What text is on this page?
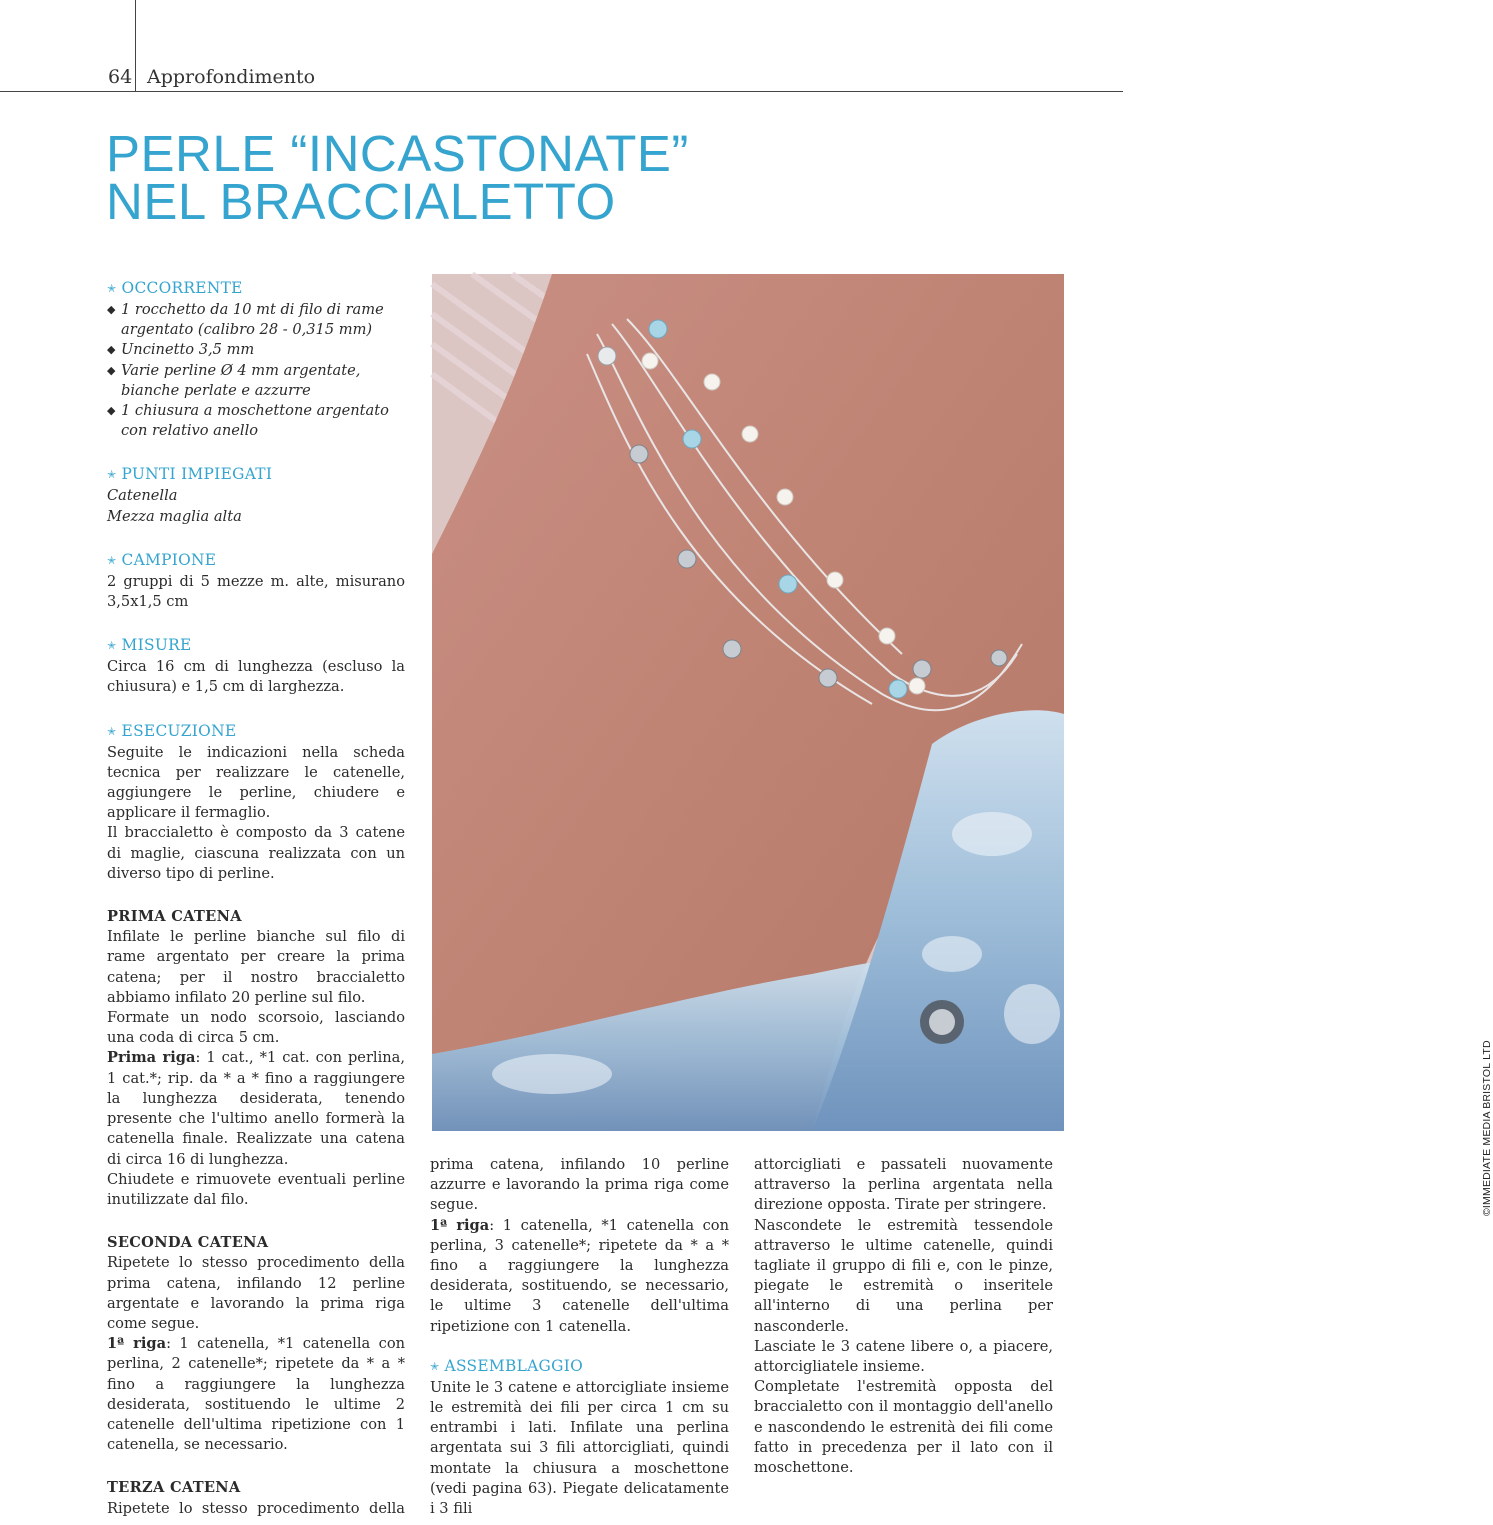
64 Approfondimento
PERLE “INCASTONATE”
NEL BRACCIALETTO

✭ OCCORRENTE

◆ 1 rocchetto da 10 mt di filo di rame argentato (calibro 28 - 0,315 mm)
◆ Uncinetto 3,5 mm
◆ Varie perline Ø 4 mm argentate, bianche perlate e azzurre
◆ 1 chiusura a moschettone argentato con relativo anello

✭ PUNTI IMPIEGATI

Catenella

Mezza maglia alta

✭ CAMPIONE

2 gruppi di 5 mezze m. alte, misurano 3,5x1,5 cm

✭ MISURE

Circa 16 cm di lunghezza (escluso la chiusura) e 1,5 cm di larghezza.

✭ ESECUZIONE

Seguite le indicazioni nella scheda tecnica per realizzare le catenelle, aggiungere le perline, chiudere e applicare il fermaglio.

Il braccialetto è composto da 3 catene di maglie, ciascuna realizzata con un diverso tipo di perline.

PRIMA CATENA

Infilate le perline bianche sul filo di rame argentato per creare la prima catena; per il nostro braccialetto abbiamo infilato 20 perline sul filo.

Formate un nodo scorsoio, lasciando una coda di circa 5 cm.

Prima riga: 1 cat., *1 cat. con perlina, 1 cat.*; rip. da * a * fino a raggiungere la lunghezza desiderata, tenendo presente che l'ultimo anello formerà la catenella finale. Realizzate una catena di circa 16 di lunghezza.

Chiudete e rimuovete eventuali perline inutilizzate dal filo.

SECONDA CATENA

Ripetete lo stesso procedimento della prima catena, infilando 12 perline argentate e lavorando la prima riga come segue.

1ª riga: 1 catenella, *1 catenella con perlina, 2 catenelle*; ripetete da * a * fino a raggiungere la lunghezza desiderata, sostituendo le ultime 2 catenelle dell'ultima ripetizione con 1 catenella, se necessario.

TERZA CATENA

Ripetete lo stesso procedimento della

©IMMEDIATE MEDIA BRISTOL LTD

prima catena, infilando 10 perline azzurre e lavorando la prima riga come segue.

1ª riga: 1 catenella, *1 catenella con perlina, 3 catenelle*; ripetete da * a * fino a raggiungere la lunghezza desiderata, sostituendo, se necessario, le ultime 3 catenelle dell'ultima ripetizione con 1 catenella.

✭ ASSEMBLAGGIO

Unite le 3 catene e attorcigliate insieme le estremità dei fili per circa 1 cm su entrambi i lati. Infilate una perlina argentata sui 3 fili attorcigliati, quindi montate la chiusura a moschettone (vedi pagina 63). Piegate delicatamente i 3 fili

attorcigliati e passateli nuovamente attraverso la perlina argentata nella direzione opposta. Tirate per stringere.

Nascondete le estremità tessendole attraverso le ultime catenelle, quindi tagliate il gruppo di fili e, con le pinze, piegate le estremità o inseritele all'interno di una perlina per nasconderle.

Lasciate le 3 catene libere o, a piacere, attorcigliatele insieme.

Completate l'estremità opposta del braccialetto con il montaggio dell'anello e nascondendo le estrenità dei fili come fatto in precedenza per il lato con il moschettone.
